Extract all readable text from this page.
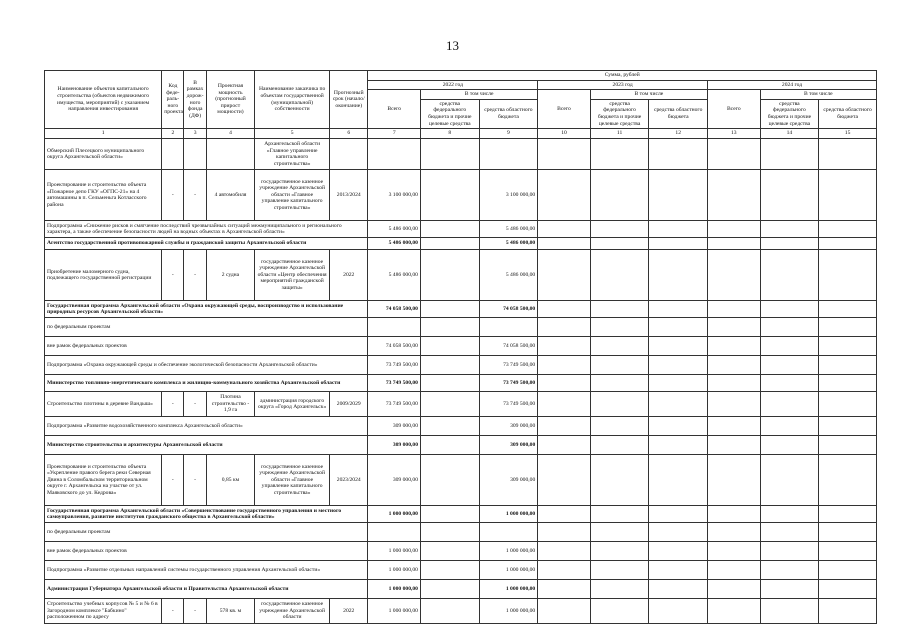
13
Наименование объектов капитального строительства (объектов недвижимого имущества, мероприятий) с указанием направления инвестирования	Код феде-раль-ного проекта	В рамках дорож-ного фонда (ДФ)	Проектная мощность (прогнозный прирост мощности)	Наименование заказчика по объектам государственной (муниципальной) собственности	Прогнозный срок (начало/окончание)	Сумма, рублей								
						2022 год			2023 год			2024 год		
						Всего	В том числе		Всего	В том числе		Всего	В том числе	
							средства федерального бюджета и прочие целевые средства	средства областного бюджета		средства федерального бюджета и прочие целевые средства	средства областного бюджета		средства федерального бюджета и прочие целевые средства	средства областного бюджета
1	2	3	4	5	6	7	8	9	10	11	12	13	14	15
Обмерский Плесецкого муниципального округа Архангельской области»				Архангельской области «Главное управление капитального строительства»										
Проектирование и строительство объекта «Пожарное депо ГКУ «ОГПС-21» на 4 автомашины в п. Сельменьга Котласского района	-	-	4 автомобиля	государственное казенное учреждение Архангельской области «Главное управление капитального строительства»	2013/2024	3 100 000,00		3 100 000,00						
Подпрограмма «Снижение рисков и смягчение последствий чрезвычайных ситуаций межмуниципального и регионального характера, а также обеспечение безопасности людей на водных объектах в Архангельской области»						5 486 000,00		5 486 000,00						
Агентство государственной противопожарной службы и гражданской защиты Архангельской области						5 486 000,00		5 486 000,00						
Приобретение маломерного судна, подлежащего государственной регистрации	-	-	2 судна	государственное казенное учреждение Архангельской области «Центр обеспечения мероприятий гражданской защиты»	2022	5 486 000,00		5 486 000,00						
Государственная программа Архангельской области «Охрана окружающей среды, воспроизводство и использование природных ресурсов Архангельской области»						74 058 500,00		74 058 500,00						
по федеральным проектам														
вне рамок федеральных проектов						74 058 500,00		74 058 500,00						
Подпрограмма «Охрана окружающей среды и обеспечение экологической безопасности Архангельской области»						73 749 500,00		73 749 500,00						
Министерство топливно-энергетического комплекса и жилищно-коммунального хозяйства Архангельской области						73 749 500,00		73 749 500,00						
Строительство плотины в деревне Вандыш»	-	-	Плотина строительство - 1,9 га	администрация городского округа «Город Архангельск»	2009/2029	73 749 500,00		73 749 500,00						
Подпрограмма «Развитие водохозяйственного комплекса Архангельской области»						309 000,00		309 000,00						
Министерство строительства и архитектуры Архангельской области						309 000,00		309 000,00						
Проектирование и строительство объекта «Укрепление правого берега реки Северная Двина в Соломбальском территориальном округе г. Архангельска на участке от ул. Маяковского до ул. Кедрова»	-	-	0,85 км	государственное казенное учреждение Архангельской области «Главное управление капитального строительства»	2023/2024	309 000,00		309 000,00						
Государственная программа Архангельской области «Совершенствование государственного управления и местного самоуправления, развитие институтов гражданского общества в Архангельской области»						1 000 000,00		1 000 000,00						
по федеральным проектам														
вне рамок федеральных проектов						1 000 000,00		1 000 000,00						
Подпрограмма «Развитие отдельных направлений системы государственного управления Архангельской области»						1 000 000,00		1 000 000,00						
Администрация Губернатора Архангельской области и Правительства Архангельской области						1 000 000,00		1 000 000,00						
Строительство учебных корпусов № 5 и № 6 в Загородном комплексе "Бабкино" расположенном по адресу	-	-	578 кв. м	государственное казенное учреждение Архангельской области	2022	1 000 000,00		1 000 000,00						
